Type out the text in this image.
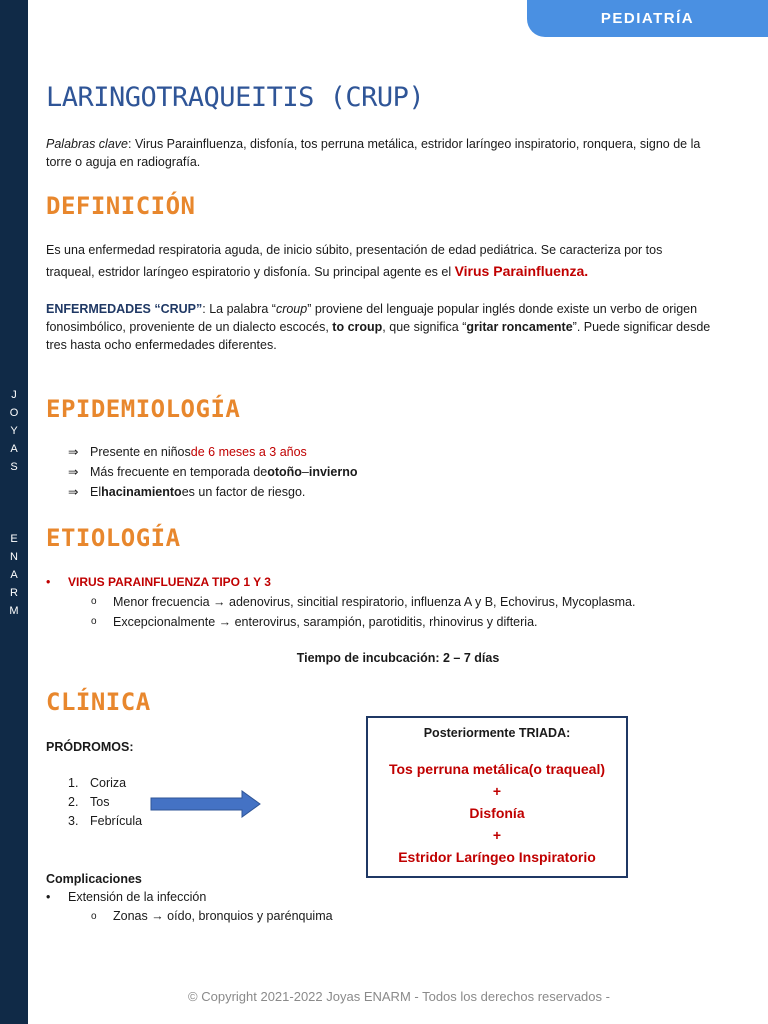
J
O
Y
A
S
E
N
A
R
M
PEDIATRÍA
LARINGOTRAQUEITIS (CRUP)
Palabras clave: Virus Parainfluenza, disfonía, tos perruna metálica, estridor laríngeo inspiratorio, ronquera, signo de la
torre o aguja en radiografía.
DEFINICIÓN
Es una enfermedad respiratoria aguda, de inicio súbito, presentación de edad pediátrica. Se caracteriza por tos
traqueal, estridor laríngeo espiratorio y disfonía. Su principal agente es el Virus Parainfluenza.
ENFERMEDADES “CRUP”: La palabra “croup” proviene del lenguaje popular inglés donde existe un verbo de origen
fonosimbólico, proveniente de un dialecto escocés, to croup, que significa “gritar roncamente”. Puede significar desde
tres hasta ocho enfermedades diferentes.
EPIDEMIOLOGÍA
⇒ Presente en niños de 6 meses a 3 años
⇒ Más frecuente en temporada de otoño – invierno
⇒ El hacinamiento es un factor de riesgo.
ETIOLOGÍA
•	VIRUS PARAINFLUENZA TIPO 1 Y 3
o	Menor frecuencia → adenovirus, sincitial respiratorio, influenza A y B, Echovirus, Mycoplasma.
o	Excepcionalmente → enterovirus, sarampión, parotiditis, rhinovirus y difteria.
Tiempo de incubcación: 2 – 7 días
CLÍNICA
PRÓDROMOS:
1. Coriza
2. Tos
3. Febrícula
Posteriormente TRIADA:
Tos perruna metálica(o traqueal)
+
Disfonía
+
Estridor Laríngeo Inspiratorio
Complicaciones
•	Extensión de la infección
o	Zonas → oído, bronquios y parénquima
© Copyright 2021-2022 Joyas ENARM - Todos los derechos reservados -
